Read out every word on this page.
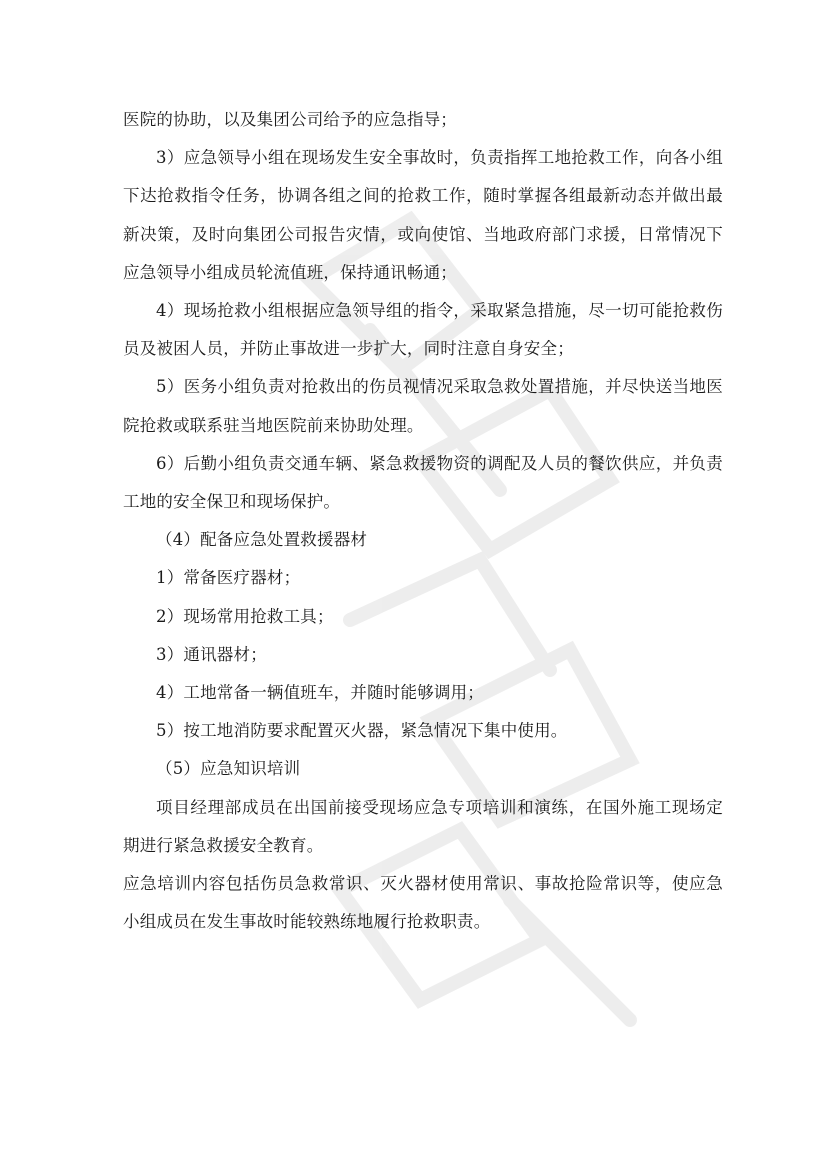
医院的协助，以及集团公司给予的应急指导；

3）应急领导小组在现场发生安全事故时，负责指挥工地抢救工作，向各小组下达抢救指令任务，协调各组之间的抢救工作，随时掌握各组最新动态并做出最新决策，及时向集团公司报告灾情，或向使馆、当地政府部门求援，日常情况下应急领导小组成员轮流值班，保持通讯畅通；

4）现场抢救小组根据应急领导组的指令，采取紧急措施，尽一切可能抢救伤员及被困人员，并防止事故进一步扩大，同时注意自身安全；

5）医务小组负责对抢救出的伤员视情况采取急救处置措施，并尽快送当地医院抢救或联系驻当地医院前来协助处理。

6）后勤小组负责交通车辆、紧急救援物资的调配及人员的餐饮供应，并负责工地的安全保卫和现场保护。

（4）配备应急处置救援器材

1）常备医疗器材；

2）现场常用抢救工具；

3）通讯器材；

4）工地常备一辆值班车，并随时能够调用；

5）按工地消防要求配置灭火器，紧急情况下集中使用。

（5）应急知识培训

项目经理部成员在出国前接受现场应急专项培训和演练，在国外施工现场定期进行紧急救援安全教育。

应急培训内容包括伤员急救常识、灭火器材使用常识、事故抢险常识等，使应急小组成员在发生事故时能较熟练地履行抢救职责。
